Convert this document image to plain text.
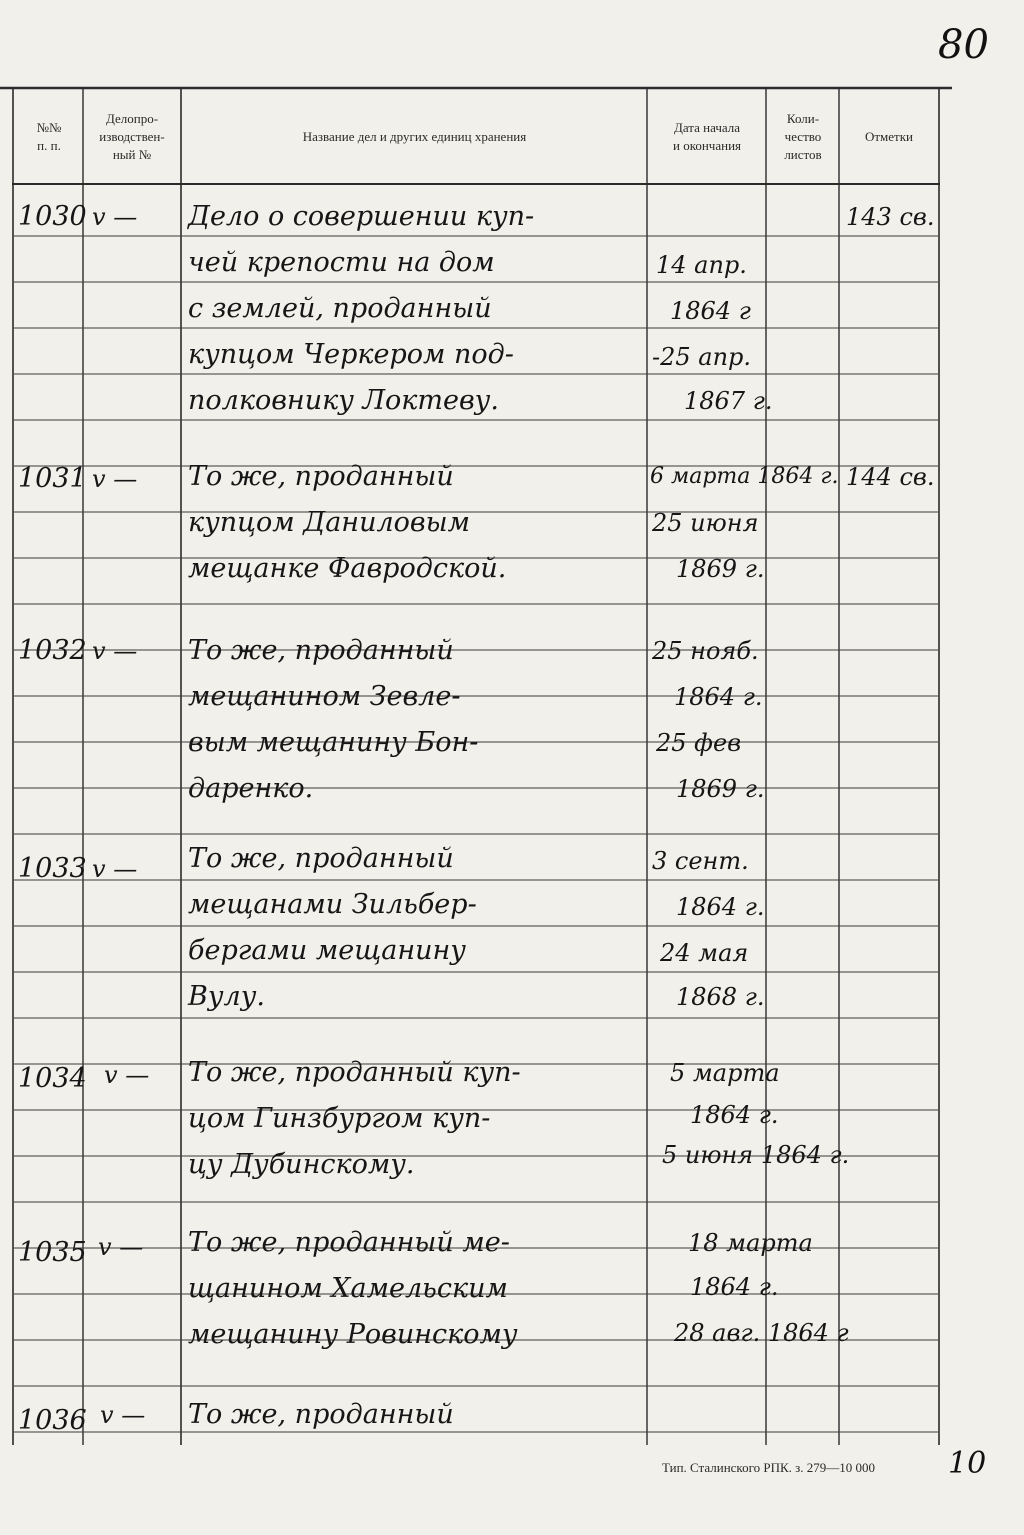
№№
п. п.
Делопро-
изводствен-
ный №
Название дел и других единиц хранения
Дата начала
и окончания
Коли-
чество
листов
Отметки
80
1030 v — Дело о совершении куп-
чей крепости на дом
с землей, проданный
купцом Черкером под-
полковнику Локтеву.
14 апр.
1864 г
-25 апр.
1867 г.
143 св.
1031 v — То же, проданный
купцом Даниловым
мещанке Фавродской.
6 марта 1864 г.
25 июня
1869 г.
144 св.
1032 v — То же, проданный
мещанином Зевле-
вым мещанину Бон-
даренко.
25 нояб.
1864 г.
25 фев
1869 г.
1033 v — То же, проданный
мещанами Зильбер-
бергами мещанину
Вулу.
3 сент.
1864 г.
24 мая
1868 г.
1034 v — То же, проданный куп-
цом Гинзбургом куп-
цу Дубинскому.
5 марта
1864 г.
5 июня 1864 г.
1035 v — То же, проданный ме-
щанином Хамельским
мещанину Ровинскому
18 марта
1864 г.
28 авг. 1864 г
1036 v — То же, проданный
Тип. Сталинского РПК. з. 279—10 000 10
